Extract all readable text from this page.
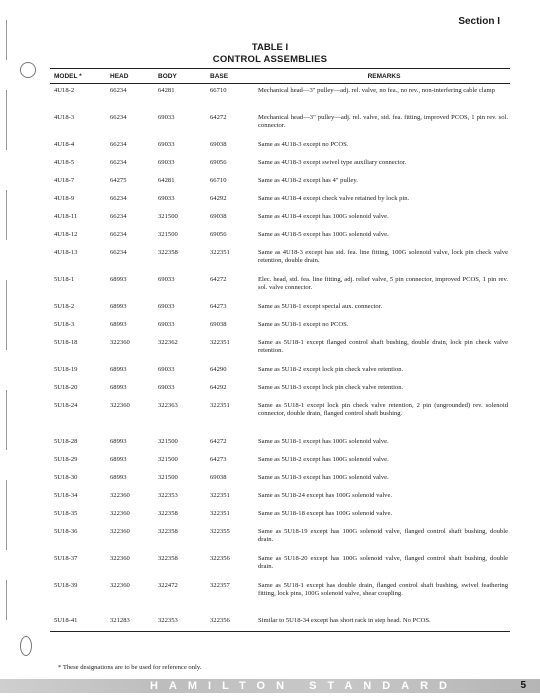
Section I
TABLE I
CONTROL ASSEMBLIES
MODEL *	HEAD	BODY	BASE	REMARKS
4U18-2	66234	64281	66710	Mechanical head—3" pulley—adj. rel. valve, no fea., no rev., non-interfering cable clamp
4U18-3	66234	69033	64272	Mechanical head—3" pulley—adj. rel. valve, std. fea. fitting, improved PCOS, 1 pin rev. sol. connector.
4U18-4	66234	69033	69038	Same as 4U18-3 except no PCOS.
4U18-5	66234	69033	69056	Same as 4U18-3 except swivel type auxiliary connector.
4U18-7	64275	64281	66710	Same as 4U18-2 except has 4" pulley.
4U18-9	66234	69033	64292	Same as 4U18-4 except check valve retained by lock pin.
4U18-11	66234	321500	69038	Same as 4U18-4 except has 100G solenoid valve.
4U18-12	66234	321500	69056	Same as 4U18-5 except has 100G solenoid valve.
4U18-13	66234	322358	322351	Same as 4U18-3 except has std. fea. line fitting, 100G solenoid valve, lock pin check valve retention, double drain.
5U18-1	68993	69033	64272	Elec. head, std. fea. line fitting, adj. relief valve, 5 pin connector, improved PCOS, 1 pin rev. sol. valve connector.
5U18-2	68993	69033	64273	Same as 5U18-1 except special aux. connector.
5U18-3	68993	69033	69038	Same as 5U18-1 except no PCOS.
5U18-18	322360	322362	322351	Same as 5U18-1 except flanged control shaft bushing, double drain, lock pin check valve retention.
5U18-19	68993	69033	64290	Same as 5U18-2 except lock pin check valve retention.
5U18-20	68993	69033	64292	Same as 5U18-3 except lock pin check valve retention.
5U18-24	322360	322363	322351	Same as 5U18-1 except lock pin check valve retention, 2 pin (ungrounded) rev. solenoid connector, double drain, flanged control shaft bushing.
5U18-28	68993	321500	64272	Same as 5U18-1 except has 100G solenoid valve.
5U18-29	68993	321500	64273	Same as 5U18-2 except has 100G solenoid valve.
5U18-30	68993	321500	69038	Same as 5U18-3 except has 100G solenoid valve.
5U18-34	322360	322353	322351	Same as 5U18-24 except has 100G solenoid valve.
5U18-35	322360	322358	322351	Same as 5U18-18 except has 100G solenoid valve.
5U18-36	322360	322358	322355	Same as 5U18-19 except has 100G solenoid valve, flanged control shaft bushing, double drain.
5U18-37	322360	322358	322356	Same as 5U18-20 except has 100G solenoid valve, flanged control shaft bushing, double drain.
5U18-39	322360	322472	322357	Same as 5U18-1 except has double drain, flanged control shaft bushing, swivel feathering fitting, lock pins, 100G solenoid valve, shear coupling.
5U18-41	321283	322353	322356	Similar to 5U18-34 except has short rack in step head. No PCOS.
* These designations are to be used for reference only.
HAMILTON STANDARD	5
